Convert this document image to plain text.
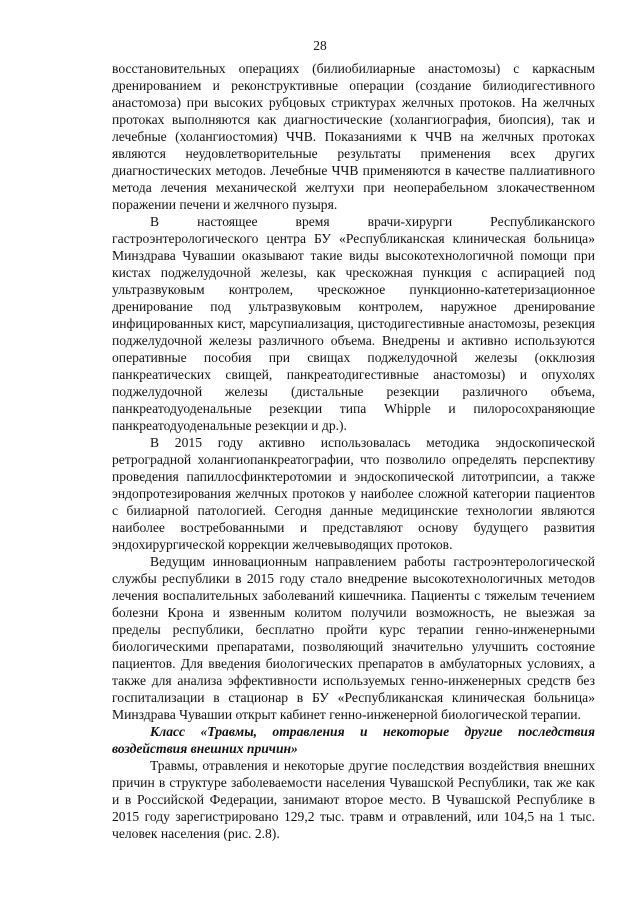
28

восстановительных операциях (билиобилиарные анастомозы) с каркасным дренированием и реконструктивные операции (создание билиодигестивного анастомоза) при высоких рубцовых стриктурах желчных протоков. На желчных протоках выполняются как диагностические (холангиография, биопсия), так и лечебные (холангиостомия) ЧЧВ. Показаниями к ЧЧВ на желчных протоках являются неудовлетворительные результаты применения всех других диагностических методов. Лечебные ЧЧВ применяются в качестве паллиативного метода лечения механической желтухи при неоперабельном злокачественном поражении печени и желчного пузыря.

В настоящее время врачи-хирурги Республиканского гастроэнтерологического центра БУ «Республиканская клиническая больница» Минздрава Чувашии оказывают такие виды высокотехнологичной помощи при кистах поджелудочной железы, как чрескожная пункция с аспирацией под ультразвуковым контролем, чрескожное пункционно-катетеризационное дренирование под ультразвуковым контролем, наружное дренирование инфицированных кист, марсупиализация, цистодигестивные анастомозы, резекция поджелудочной железы различного объема. Внедрены и активно используются оперативные пособия при свищах поджелудочной железы (окклюзия панкреатических свищей, панкреатодигестивные анастомозы) и опухолях поджелудочной железы (дистальные резекции различного объема, панкреатодуоденальные резекции типа Whipple и пилоросохраняющие панкреатодуоденальные резекции и др.).

В 2015 году активно использовалась методика эндоскопической ретроградной холангиопанкреатографии, что позволило определять перспективу проведения папиллосфинктеротомии и эндоскопической литотрипсии, а также эндопротезирования желчных протоков у наиболее сложной категории пациентов с билиарной патологией. Сегодня данные медицинские технологии являются наиболее востребованными и представляют основу будущего развития эндохирургической коррекции желчевыводящих протоков.

Ведущим инновационным направлением работы гастроэнтерологической службы республики в 2015 году стало внедрение высокотехнологичных методов лечения воспалительных заболеваний кишечника. Пациенты с тяжелым течением болезни Крона и язвенным колитом получили возможность, не выезжая за пределы республики, бесплатно пройти курс терапии генно-инженерными биологическими препаратами, позволяющий значительно улучшить состояние пациентов. Для введения биологических препаратов в амбулаторных условиях, а также для анализа эффективности используемых генно-инженерных средств без госпитализации в стационар в БУ «Республиканская клиническая больница» Минздрава Чувашии открыт кабинет генно-инженерной биологической терапии.

Класс «Травмы, отравления и некоторые другие последствия воздействия внешних причин»

Травмы, отравления и некоторые другие последствия воздействия внешних причин в структуре заболеваемости населения Чувашской Республики, так же как и в Российской Федерации, занимают второе место. В Чувашской Республике в 2015 году зарегистрировано 129,2 тыс. травм и отравлений, или 104,5 на 1 тыс. человек населения (рис. 2.8).
